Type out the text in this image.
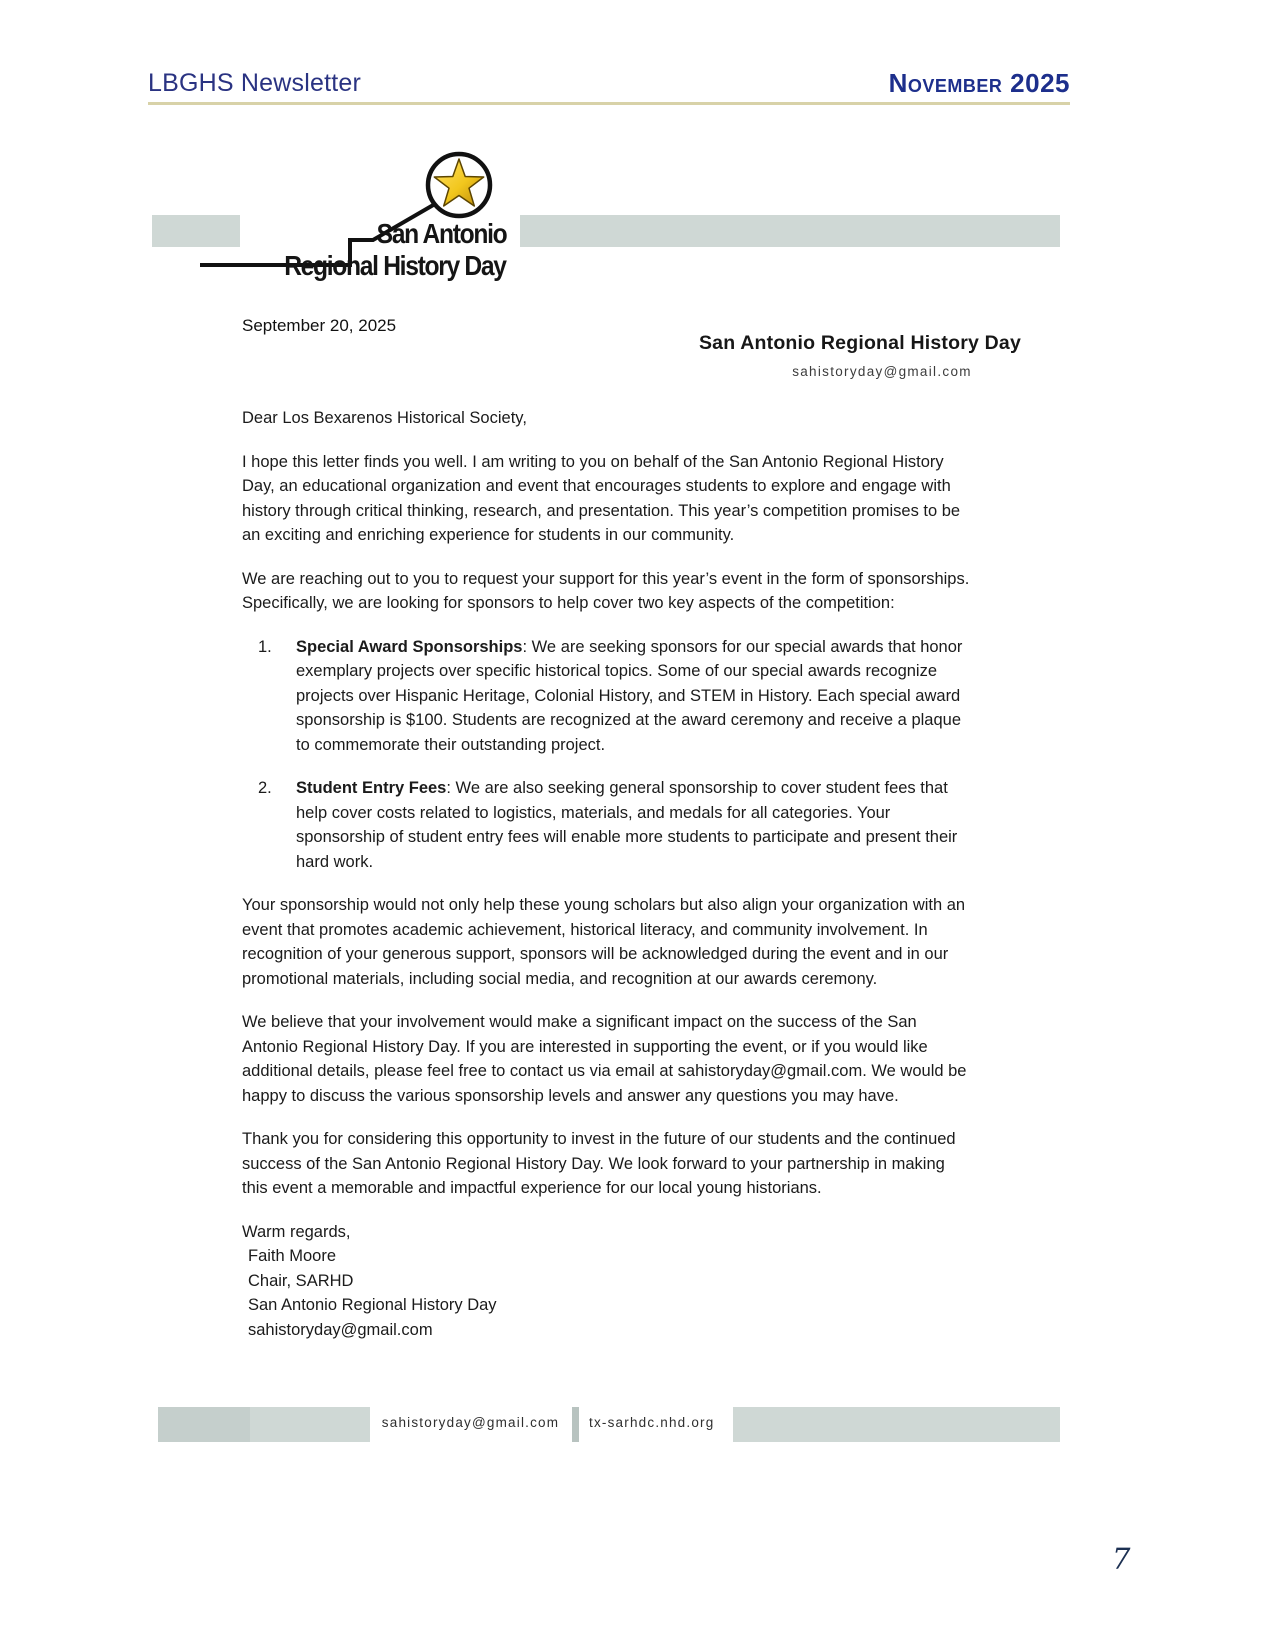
LBGHS Newsletter	November 2025
San Antonio
Regional History Day
September 20, 2025
San Antonio Regional History Day
sahistoryday@gmail.com

Dear Los Bexarenos Historical Society,

I hope this letter finds you well. I am writing to you on behalf of the San Antonio Regional History Day, an educational organization and event that encourages students to explore and engage with history through critical thinking, research, and presentation. This year’s competition promises to be an exciting and enriching experience for students in our community.

We are reaching out to you to request your support for this year’s event in the form of sponsorships. Specifically, we are looking for sponsors to help cover two key aspects of the competition:

1.	Special Award Sponsorships: We are seeking sponsors for our special awards that honor exemplary projects over specific historical topics. Some of our special awards recognize projects over Hispanic Heritage, Colonial History, and STEM in History. Each special award sponsorship is $100. Students are recognized at the award ceremony and receive a plaque to commemorate their outstanding project.
2.	Student Entry Fees: We are also seeking general sponsorship to cover student fees that help cover costs related to logistics, materials, and medals for all categories. Your sponsorship of student entry fees will enable more students to participate and present their hard work.

Your sponsorship would not only help these young scholars but also align your organization with an event that promotes academic achievement, historical literacy, and community involvement. In recognition of your generous support, sponsors will be acknowledged during the event and in our promotional materials, including social media, and recognition at our awards ceremony.

We believe that your involvement would make a significant impact on the success of the San Antonio Regional History Day. If you are interested in supporting the event, or if you would like additional details, please feel free to contact us via email at sahistoryday@gmail.com. We would be happy to discuss the various sponsorship levels and answer any questions you may have.

Thank you for considering this opportunity to invest in the future of our students and the continued success of the San Antonio Regional History Day. We look forward to your partnership in making this event a memorable and impactful experience for our local young historians.

Warm regards,

Faith Moore
Chair, SARHD
San Antonio Regional History Day
sahistoryday@gmail.com
sahistoryday@gmail.com	tx-sarhdc.nhd.org
7
